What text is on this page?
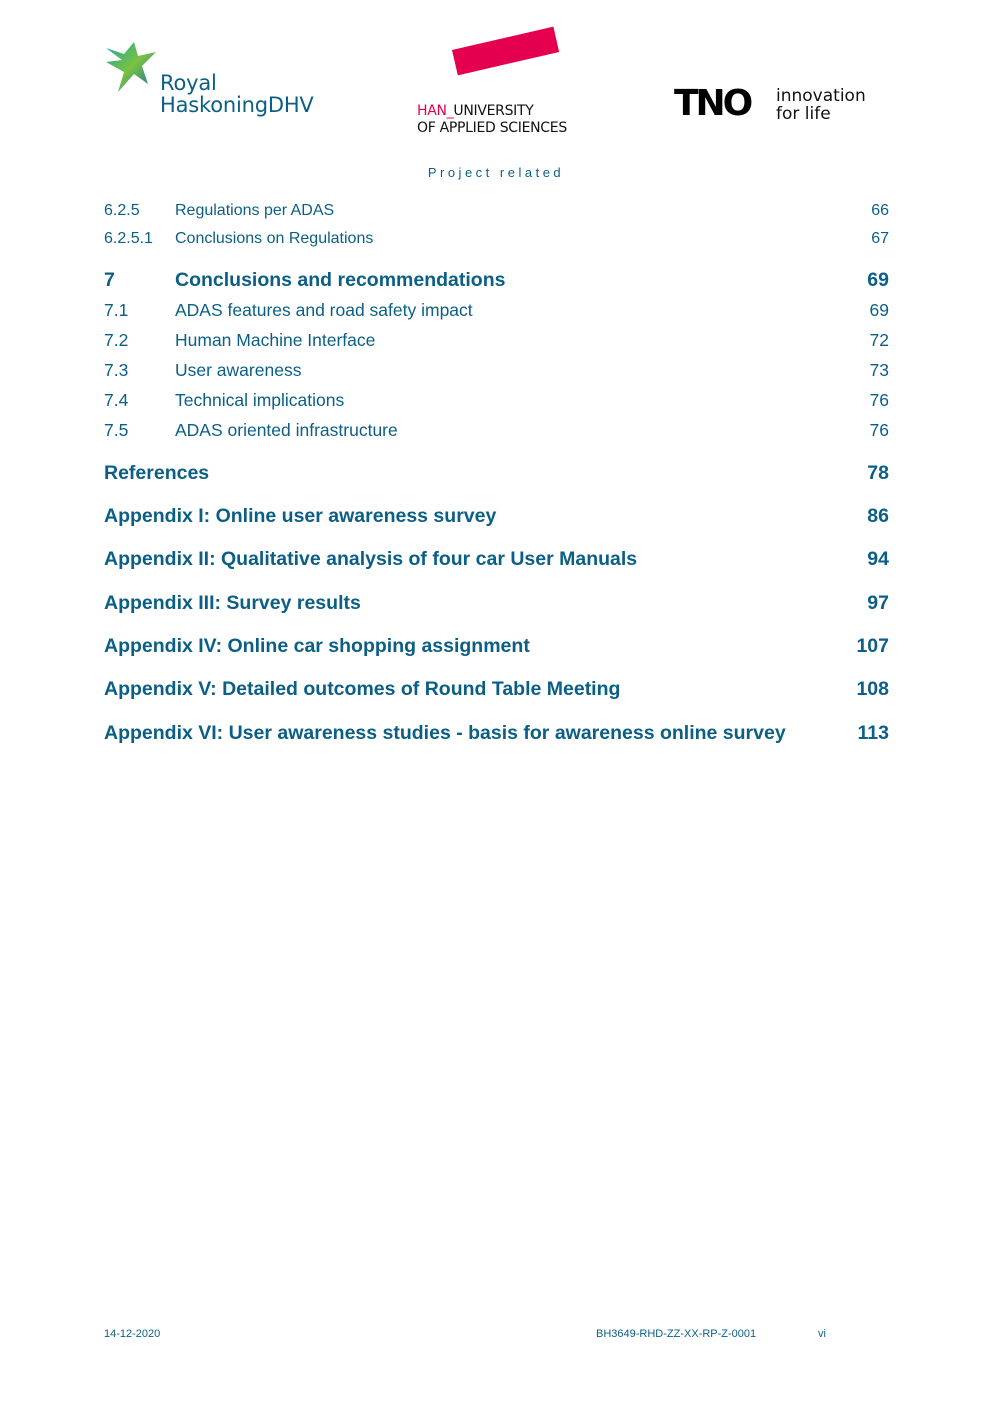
Royal
HaskoningDHV	HAN_UNIVERSITY
OF APPLIED SCIENCES
TNO innovation
for life
Project related
6.2.5	Regulations per ADAS	66
6.2.5.1	Conclusions on Regulations	67
7	Conclusions and recommendations	69
7.1	ADAS features and road safety impact	69
7.2	Human Machine Interface	72
7.3	User awareness	73
7.4	Technical implications	76
7.5	ADAS oriented infrastructure	76
References	78
Appendix I: Online user awareness survey	86
Appendix II: Qualitative analysis of four car User Manuals	94
Appendix III: Survey results	97
Appendix IV: Online car shopping assignment	107
Appendix V: Detailed outcomes of Round Table Meeting	108
Appendix VI: User awareness studies - basis for awareness online survey	113
14-12-2020	BH3649-RHD-ZZ-XX-RP-Z-0001	vi
